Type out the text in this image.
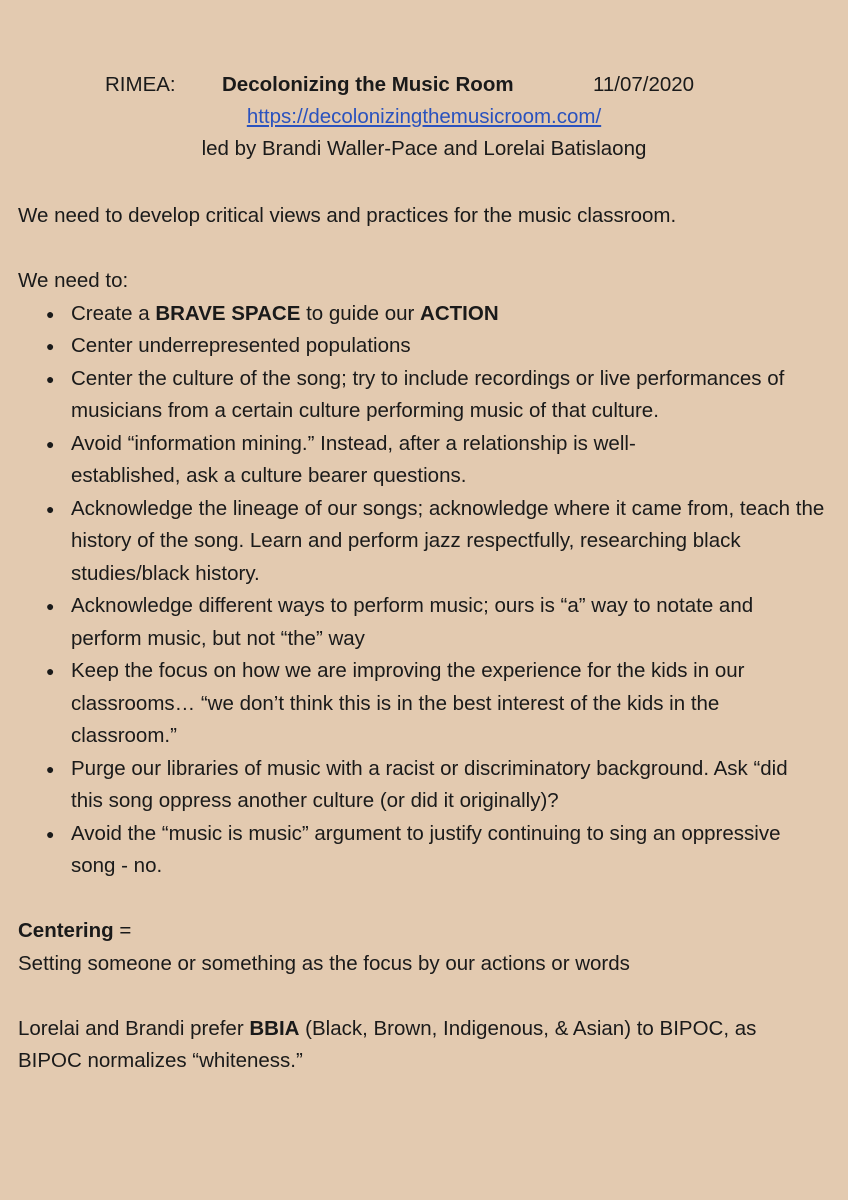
RIMEA: Decolonizing the Music Room	11/07/2020
https://decolonizingthemusicroom.com/
led by Brandi Waller-Pace and Lorelai Batislaong

We need to develop critical views and practices for the music classroom.

We need to:

● Create a BRAVE SPACE to guide our ACTION
● Center underrepresented populations
● Center the culture of the song; try to include recordings or live performances of musicians from a certain culture performing music of that culture.
● Avoid “information mining.” Instead, after a relationship is well-established, ask a culture bearer questions.
● Acknowledge the lineage of our songs; acknowledge where it came from, teach the history of the song. Learn and perform jazz respectfully, researching black studies/black history.
● Acknowledge different ways to perform music; ours is “a” way to notate and perform music, but not “the” way
● Keep the focus on how we are improving the experience for the kids in our classrooms… “we don’t think this is in the best interest of the kids in the classroom.”
● Purge our libraries of music with a racist or discriminatory background. Ask “did this song oppress another culture (or did it originally)?
● Avoid the “music is music” argument to justify continuing to sing an oppressive song - no.

Centering =

Setting someone or something as the focus by our actions or words

Lorelai and Brandi prefer BBIA (Black, Brown, Indigenous, & Asian) to BIPOC, as BIPOC normalizes “whiteness.”
